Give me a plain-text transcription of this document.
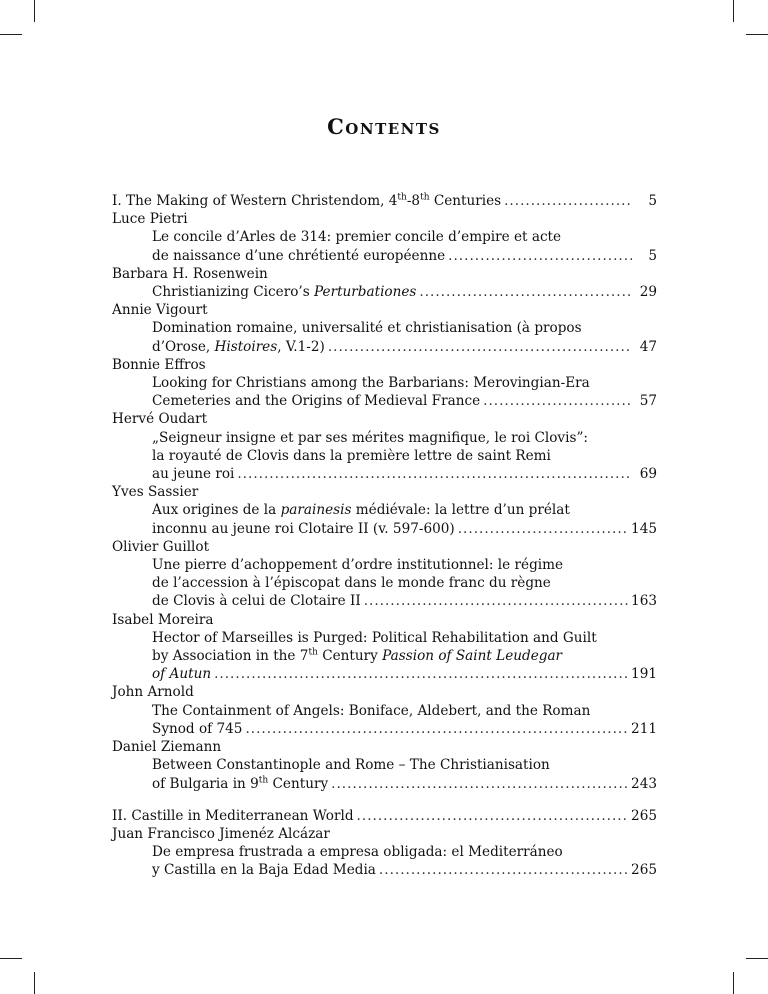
Contents
I. The Making of Western Christendom, 4th-8th Centuries .....	5
Luce Pietri
Le concile d’Arles de 314: premier concile d’empire et acte
de naissance d’une chrétienté européenne .....	5
Barbara H. Rosenwein
Christianizing Cicero’s Perturbationes .....	29
Annie Vigourt
Domination romaine, universalité et christianisation (à propos
d’Orose, Histoires, V.1-2) .....	47
Bonnie Effros
Looking for Christians among the Barbarians: Merovingian-Era
Cemeteries and the Origins of Medieval France .....	57
Hervé Oudart
„Seigneur insigne et par ses mérites magnifique, le roi Clovis”:
la royauté de Clovis dans la première lettre de saint Remi
au jeune roi .....	69
Yves Sassier
Aux origines de la parainesis médiévale: la lettre d’un prélat
inconnu au jeune roi Clotaire II (v. 597-600) .....	145
Olivier Guillot
Une pierre d’achoppement d’ordre institutionnel: le régime
de l’accession à l’épiscopat dans le monde franc du règne
de Clovis à celui de Clotaire II .....	163
Isabel Moreira
Hector of Marseilles is Purged: Political Rehabilitation and Guilt
by Association in the 7th Century Passion of Saint Leudegar
of Autun .....	191
John Arnold
The Containment of Angels: Boniface, Aldebert, and the Roman
Synod of 745 .....	211
Daniel Ziemann
Between Constantinople and Rome – The Christianisation
of Bulgaria in 9th Century .....	243
II. Castille in Mediterranean World .....	265
Juan Francisco Jimenéz Alcázar
De empresa frustrada a empresa obligada: el Mediterráneo
y Castilla en la Baja Edad Media .....	265
